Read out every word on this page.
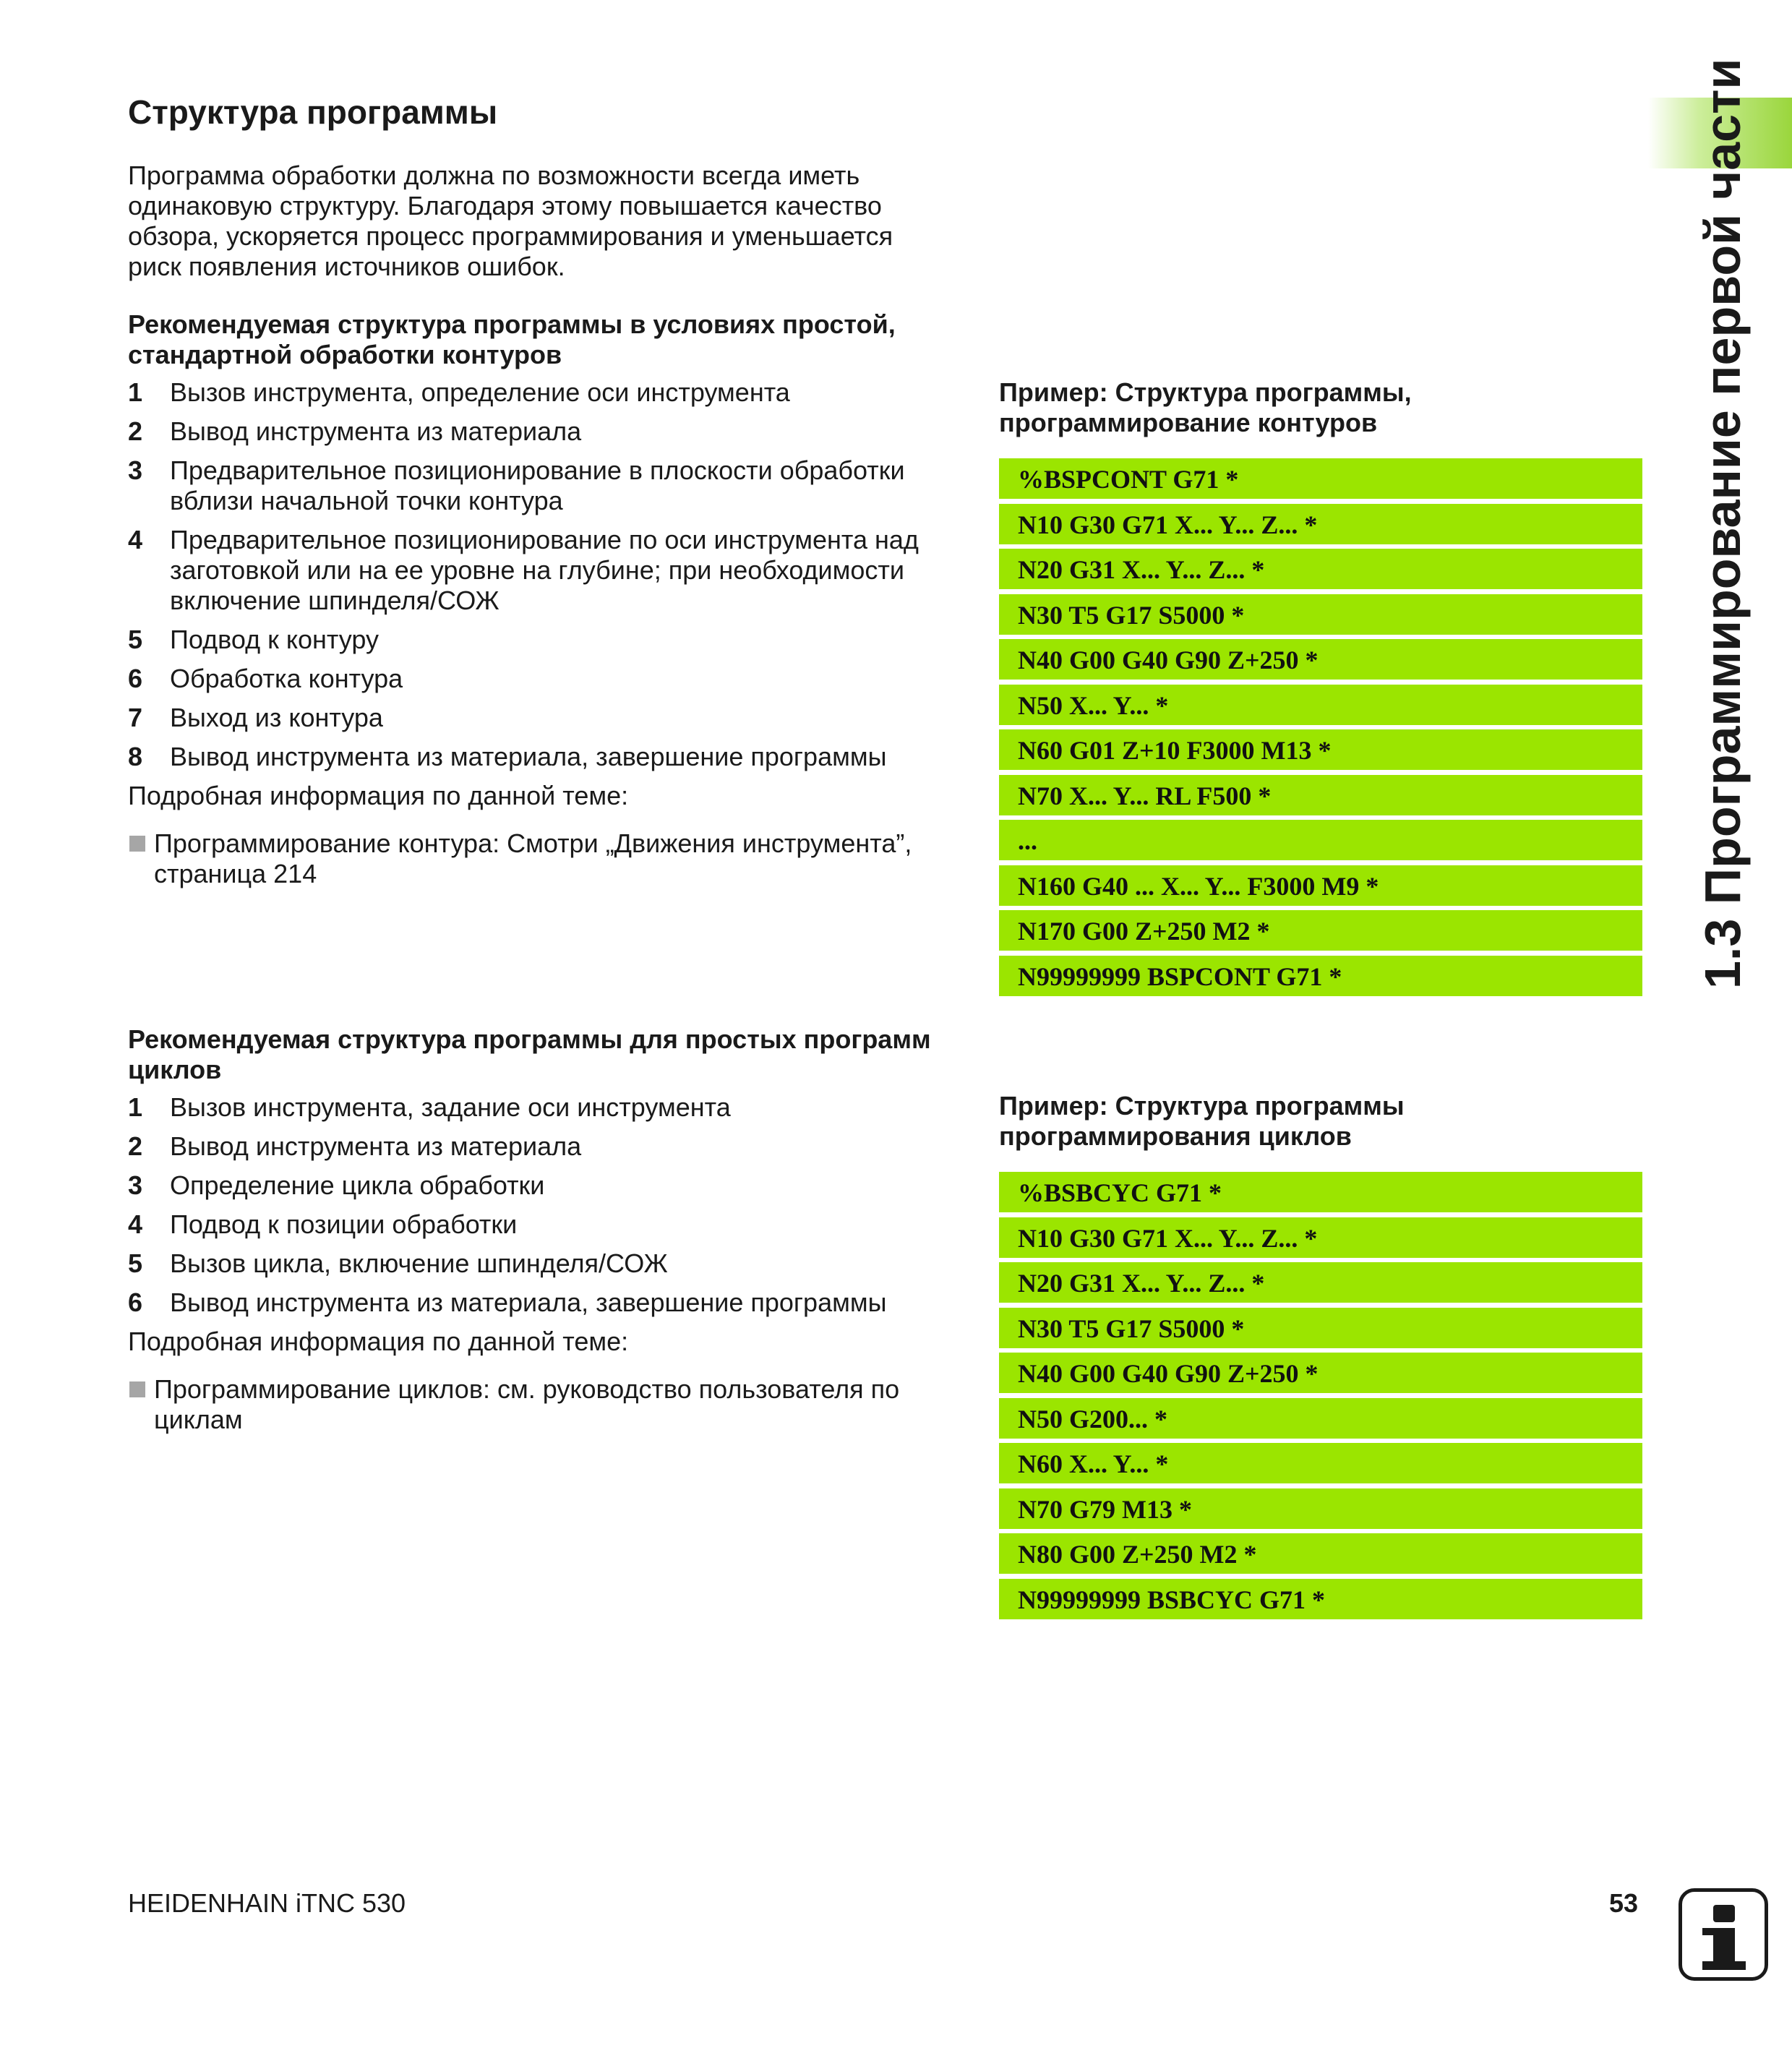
Структура программы

Программа обработки должна по возможности всегда иметь одинаковую структуру. Благодаря этому повышается качество обзора, ускоряется процесс программирования и уменьшается риск появления источников ошибок.

Рекомендуемая структура программы в условиях простой, стандартной обработки контуров

1	Вызов инструмента, определение оси инструмента
2	Вывод инструмента из материала
3	Предварительное позиционирование в плоскости обработки вблизи начальной точки контура
4	Предварительное позиционирование по оси инструмента над заготовкой или на ее уровне на глубине; при необходимости включение шпинделя/СОЖ
5	Подвод к контуру
6	Обработка контура
7	Выход из контура
8	Вывод инструмента из материала, завершение программы

Подробная информация по данной теме:

Программирование контура: Смотри „Движения инструмента”, страница 214

Пример: Структура программы,
программирование контуров

%BSPCONT G71 *
N10 G30 G71 X... Y... Z... *
N20 G31 X... Y... Z... *
N30 T5 G17 S5000 *
N40 G00 G40 G90 Z+250 *
N50 X... Y... *
N60 G01 Z+10 F3000 M13 *
N70 X... Y... RL F500 *
...
N160 G40 ... X... Y... F3000 M9 *
N170 G00 Z+250 M2 *
N99999999 BSPCONT G71 *

Рекомендуемая структура программы для простых программ циклов

1	Вызов инструмента, задание оси инструмента
2	Вывод инструмента из материала
3	Определение цикла обработки
4	Подвод к позиции обработки
5	Вызов цикла, включение шпинделя/СОЖ
6	Вывод инструмента из материала, завершение программы

Подробная информация по данной теме:

Программирование циклов: см. руководство пользователя по циклам

Пример: Структура программы
программирования циклов

%BSBCYC G71 *
N10 G30 G71 X... Y... Z... *
N20 G31 X... Y... Z... *
N30 T5 G17 S5000 *
N40 G00 G40 G90 Z+250 *
N50 G200... *
N60 X... Y... *
N70 G79 M13 *
N80 G00 Z+250 M2 *
N99999999 BSBCYC G71 *
1.3 Программирование первой части
HEIDENHAIN iTNC 530	53
